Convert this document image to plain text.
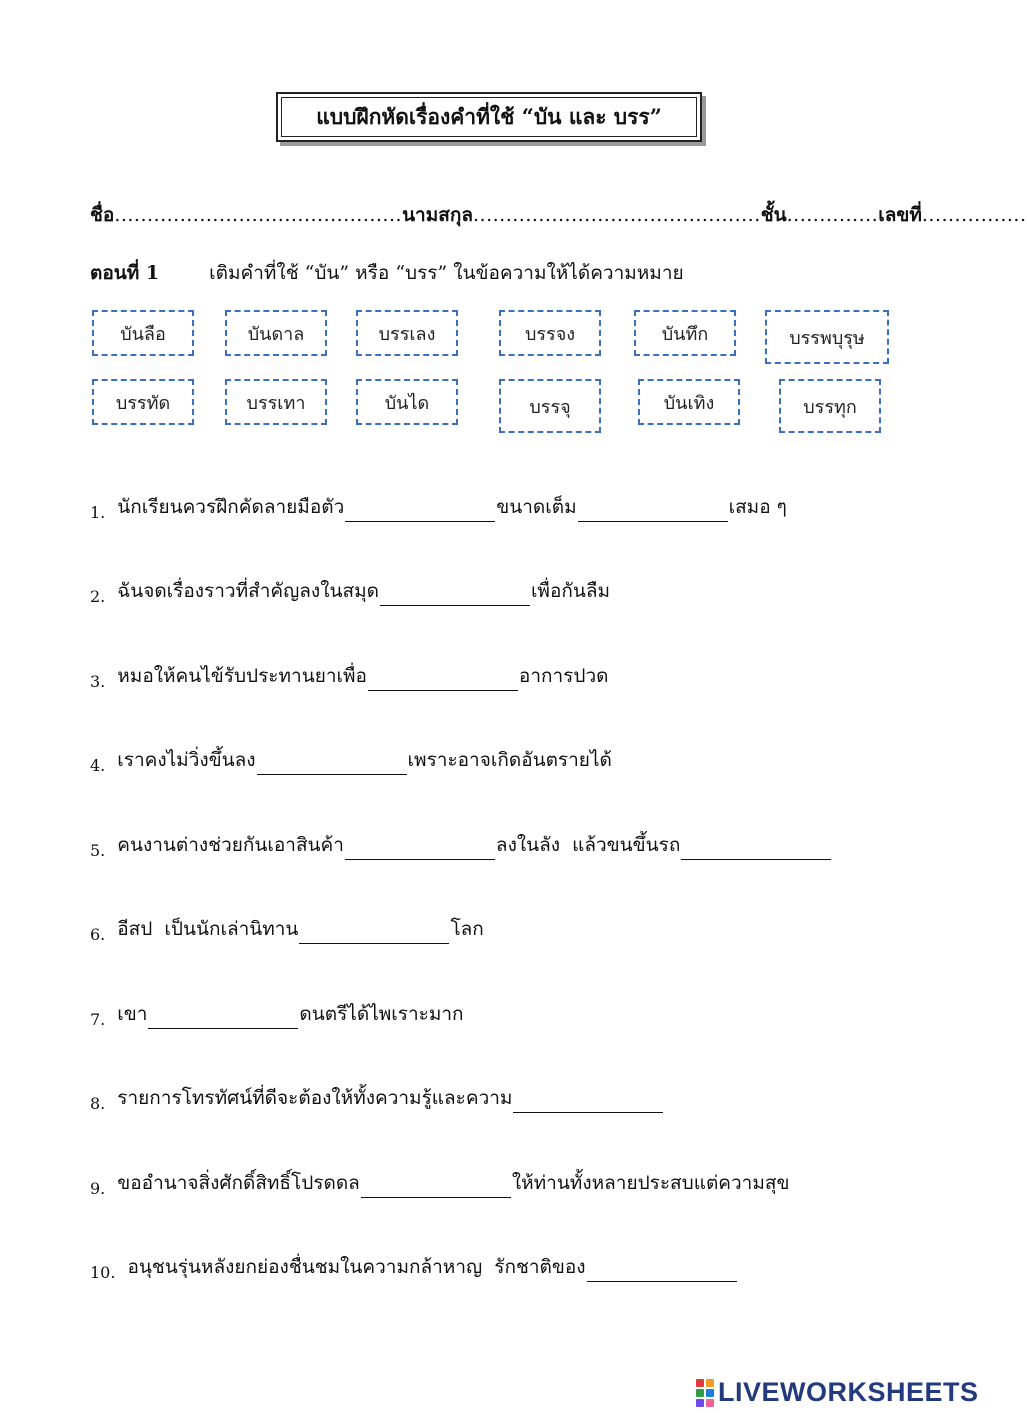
แบบฝึกหัดเรื่องคำที่ใช้ “บัน และ บรร”
ชื่อ ............................................ นามสกุล ............................................ ชั้น .............. เลขที่ ................
ตอนที่ 1	เติมคำที่ใช้ “บัน” หรือ “บรร” ในข้อความให้ได้ความหมาย
บันลือ	บันดาล	บรรเลง	บรรจง	บันทึก	บรรพบุรุษ
บรรทัด	บรรเทา	บันได	บรรจุ	บันเทิง	บรรทุก
1. นักเรียนควรฝึกคัดลายมือตัว	ขนาดเต็ม	เสมอ ๆ
2. ฉันจดเรื่องราวที่สำคัญลงในสมุด	เพื่อกันลืม
3. หมอให้คนไข้รับประทานยาเพื่อ	อาการปวด
4. เราคงไม่วิ่งขึ้นลง	เพราะอาจเกิดอันตรายได้
5. คนงานต่างช่วยกันเอาสินค้า	ลงในลัง  แล้วขนขึ้นรถ
6. อีสป  เป็นนักเล่านิทาน	โลก
7. เขา	ดนตรีได้ไพเราะมาก
8. รายการโทรทัศน์ที่ดีจะต้องให้ทั้งความรู้และความ
9. ขออำนาจสิ่งศักดิ์สิทธิ์โปรดดล	ให้ท่านทั้งหลายประสบแต่ความสุข
10. อนุชนรุ่นหลังยกย่องชื่นชมในความกล้าหาญ  รักชาติของ
LIVEWORKSHEETS
